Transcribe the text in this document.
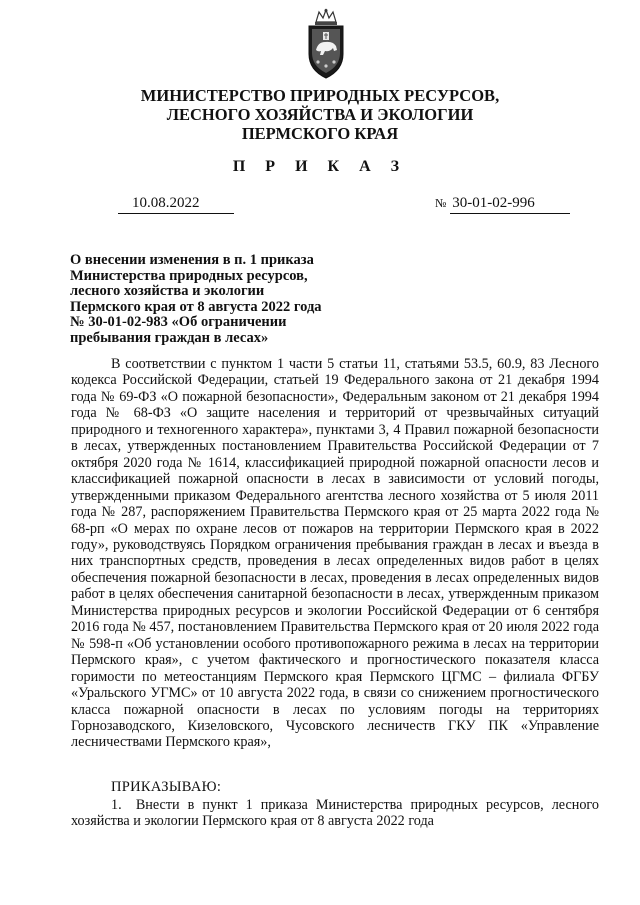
МИНИСТЕРСТВО ПРИРОДНЫХ РЕСУРСОВ,
ЛЕСНОГО ХОЗЯЙСТВА И ЭКОЛОГИИ
ПЕРМСКОГО КРАЯ
П Р И К А З
10.08.2022	№ 30-01-02-996
О внесении изменения в п. 1 приказа
Министерства природных ресурсов,
лесного хозяйства и экологии
Пермского края от 8 августа 2022 года
№ 30-01-02-983 «Об ограничении
пребывания граждан в лесах»

В соответствии с пунктом 1 части 5 статьи 11, статьями 53.5, 60.9, 83 Лесного кодекса Российской Федерации, статьей 19 Федерального закона от 21 декабря 1994 года № 69-ФЗ «О пожарной безопасности», Федеральным законом от 21 декабря 1994 года № 68-ФЗ «О защите населения и территорий от чрезвычайных ситуаций природного и техногенного характера», пунктами 3, 4 Правил пожарной безопасности в лесах, утвержденных постановлением Правительства Российской Федерации от 7 октября 2020 года № 1614, классификацией природной пожарной опасности лесов и классификацией пожарной опасности в лесах в зависимости от условий погоды, утвержденными приказом Федерального агентства лесного хозяйства от 5 июля 2011 года № 287, распоряжением Правительства Пермского края от 25 марта 2022 года № 68-рп «О мерах по охране лесов от пожаров на территории Пермского края в 2022 году», руководствуясь Порядком ограничения пребывания граждан в лесах и въезда в них транспортных средств, проведения в лесах определенных видов работ в целях обеспечения пожарной безопасности в лесах, проведения в лесах определенных видов работ в целях обеспечения санитарной безопасности в лесах, утвержденным приказом Министерства природных ресурсов и экологии Российской Федерации от 6 сентября 2016 года № 457, постановлением Правительства Пермского края от 20 июля 2022 года № 598-п «Об установлении особого противопожарного режима в лесах на территории Пермского края», с учетом фактического и прогностического показателя класса горимости по метеостанциям Пермского края Пермского ЦГМС – филиала ФГБУ «Уральского УГМС» от 10 августа 2022 года, в связи со снижением прогностического класса пожарной опасности в лесах по условиям погоды на территориях Горнозаводского, Кизеловского, Чусовского лесничеств ГКУ ПК «Управление лесничествами Пермского края»,

ПРИКАЗЫВАЮ:

1. Внести в пункт 1 приказа Министерства природных ресурсов, лесного хозяйства и экологии Пермского края от 8 августа 2022 года
